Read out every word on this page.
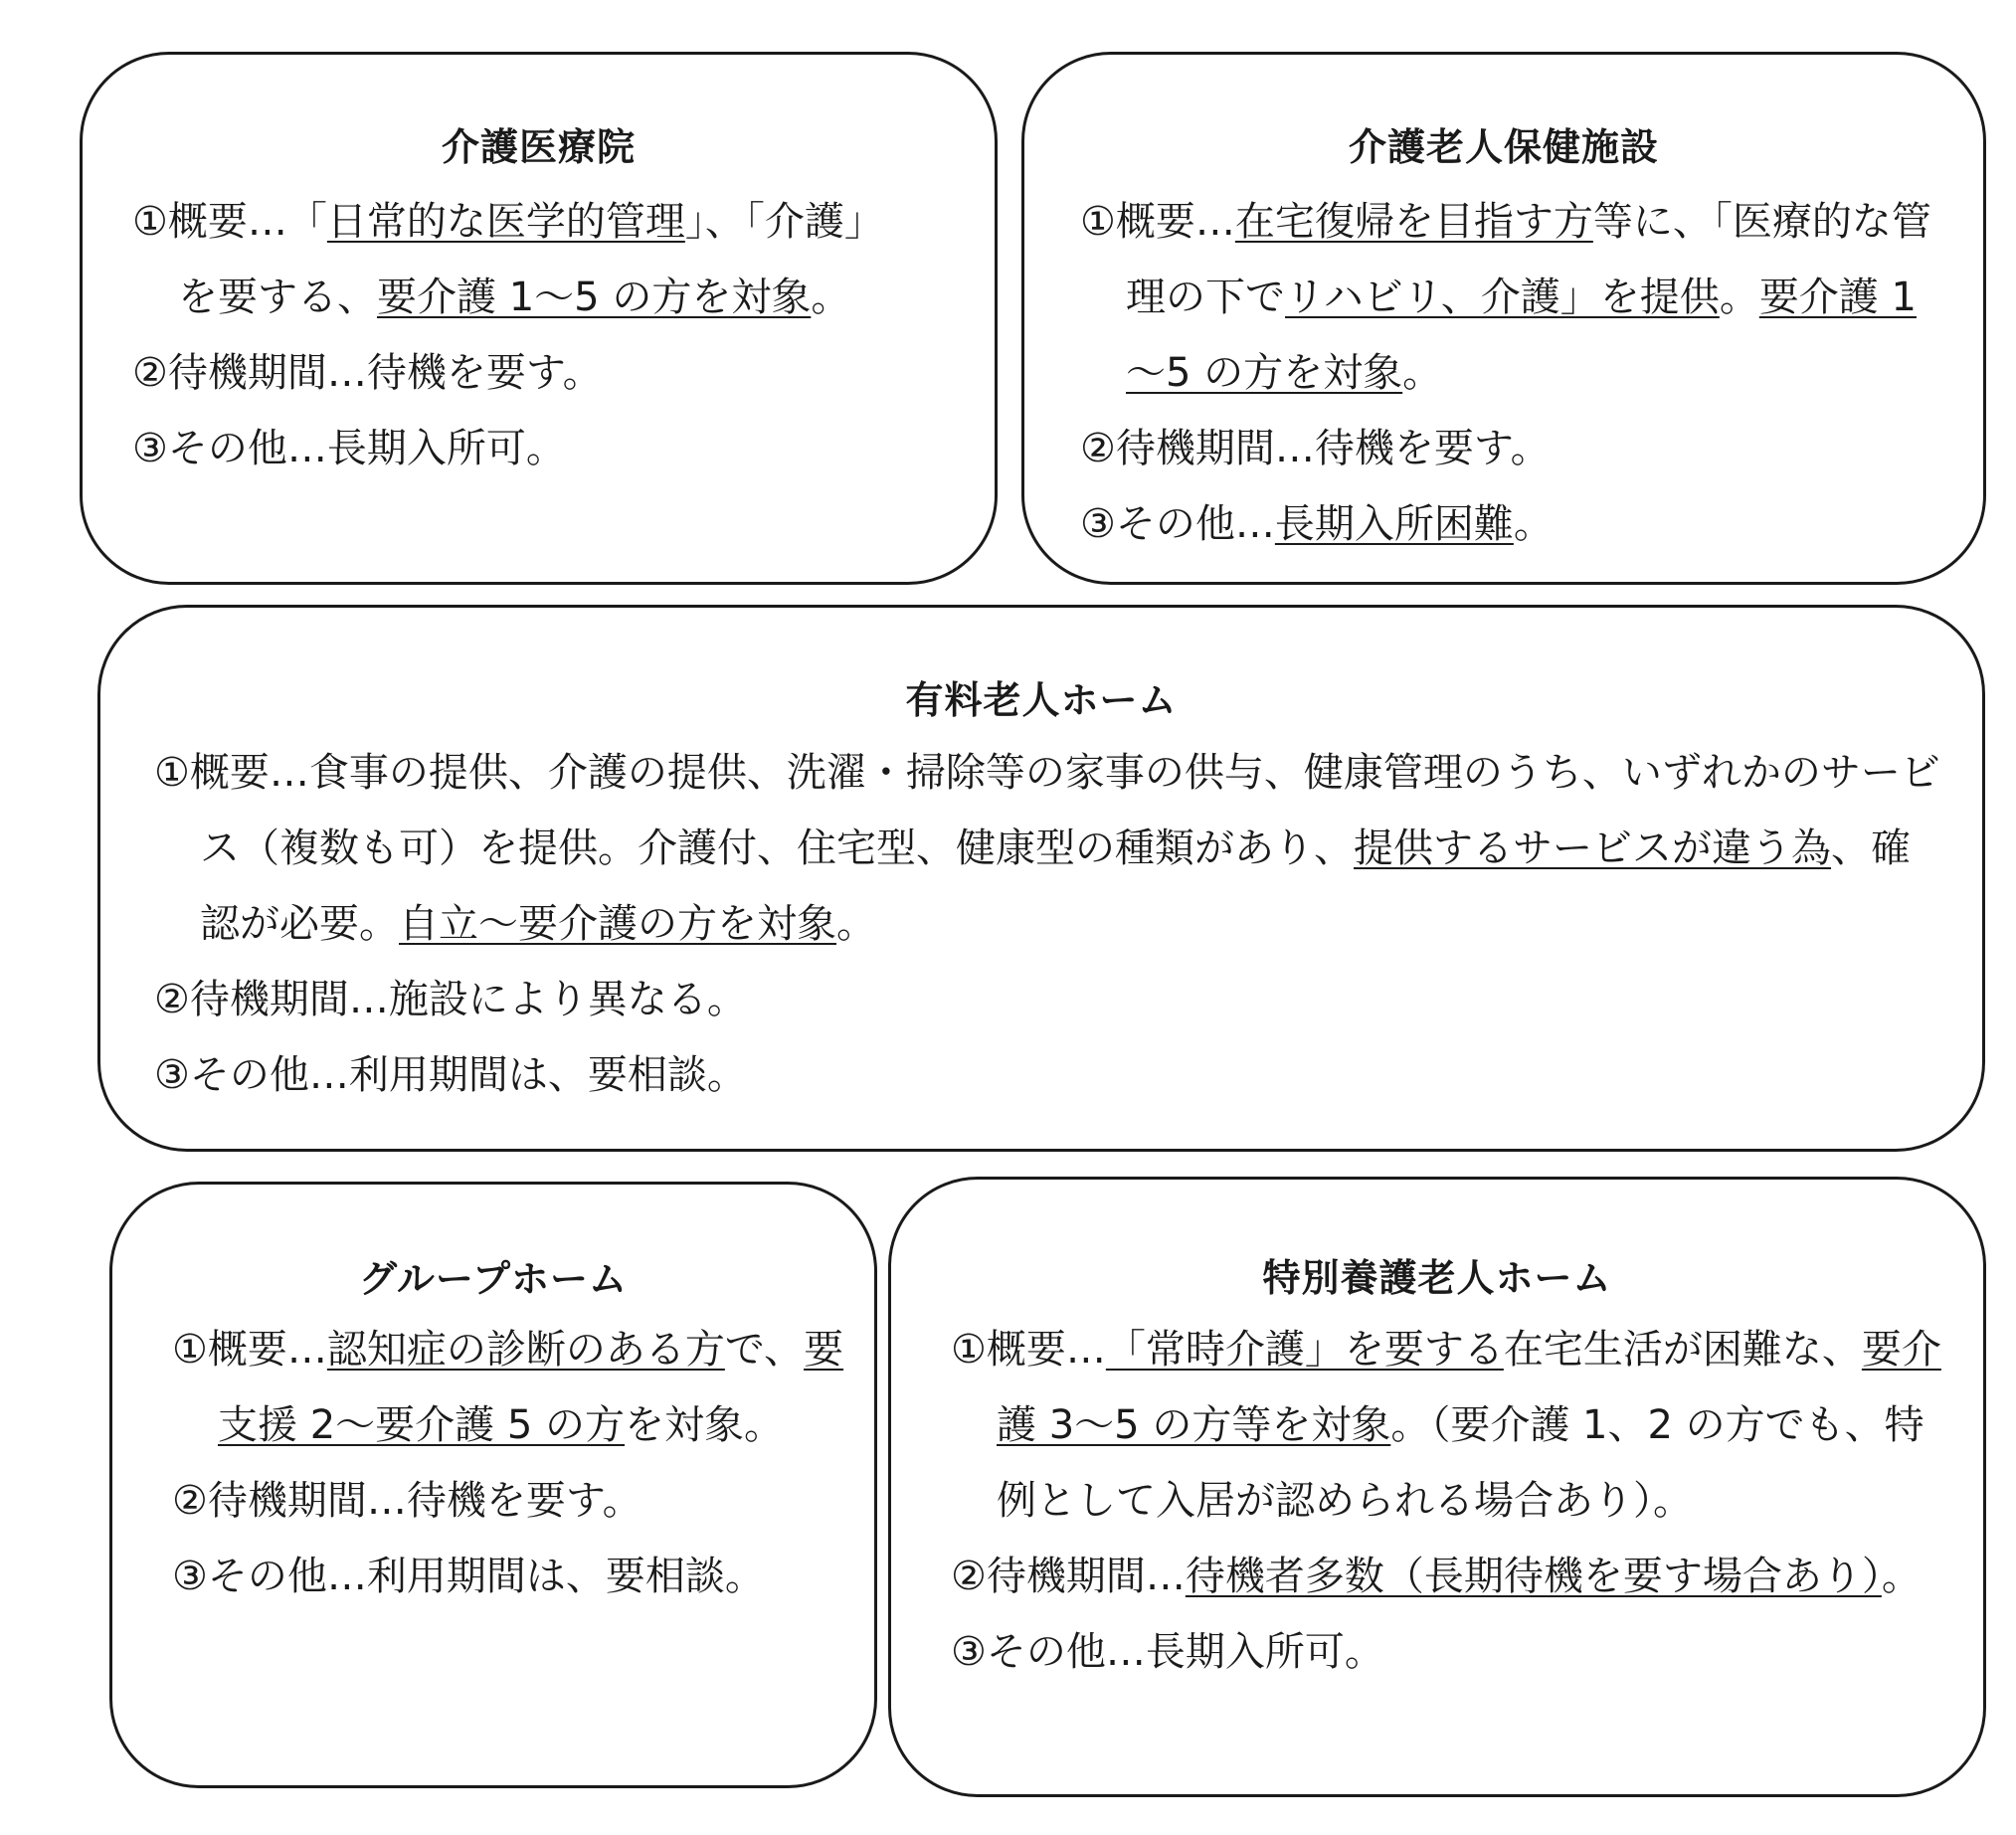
介護医療院
①概要…「日常的な医学的管理」、「介護」
を要する、要介護 1～5 の方を対象。
②待機期間…待機を要す。
③その他…長期入所可。
介護老人保健施設
①概要…在宅復帰を目指す方等に、「医療的な管理の下でリハビリ、介護」を提供。要介護 1～5 の方を対象。
②待機期間…待機を要す。
③その他…長期入所困難。
有料老人ホーム
①概要…食事の提供、介護の提供、洗濯・掃除等の家事の供与、健康管理のうち、いずれかのサービス（複数も可）を提供。介護付、住宅型、健康型の種類があり、提供するサービスが違う為、確認が必要。自立～要介護の方を対象。
②待機期間…施設により異なる。
③その他…利用期間は、要相談。
グループホーム
①概要…認知症の診断のある方で、要支援 2～要介護 5 の方を対象。
②待機期間…待機を要す。
③その他…利用期間は、要相談。
特別養護老人ホーム
①概要…「常時介護」を要する在宅生活が困難な、要介護 3～5 の方等を対象。（要介護 1、2 の方でも、特例として入居が認められる場合あり）。
②待機期間…待機者多数（長期待機を要す場合あり）。
③その他…長期入所可。
